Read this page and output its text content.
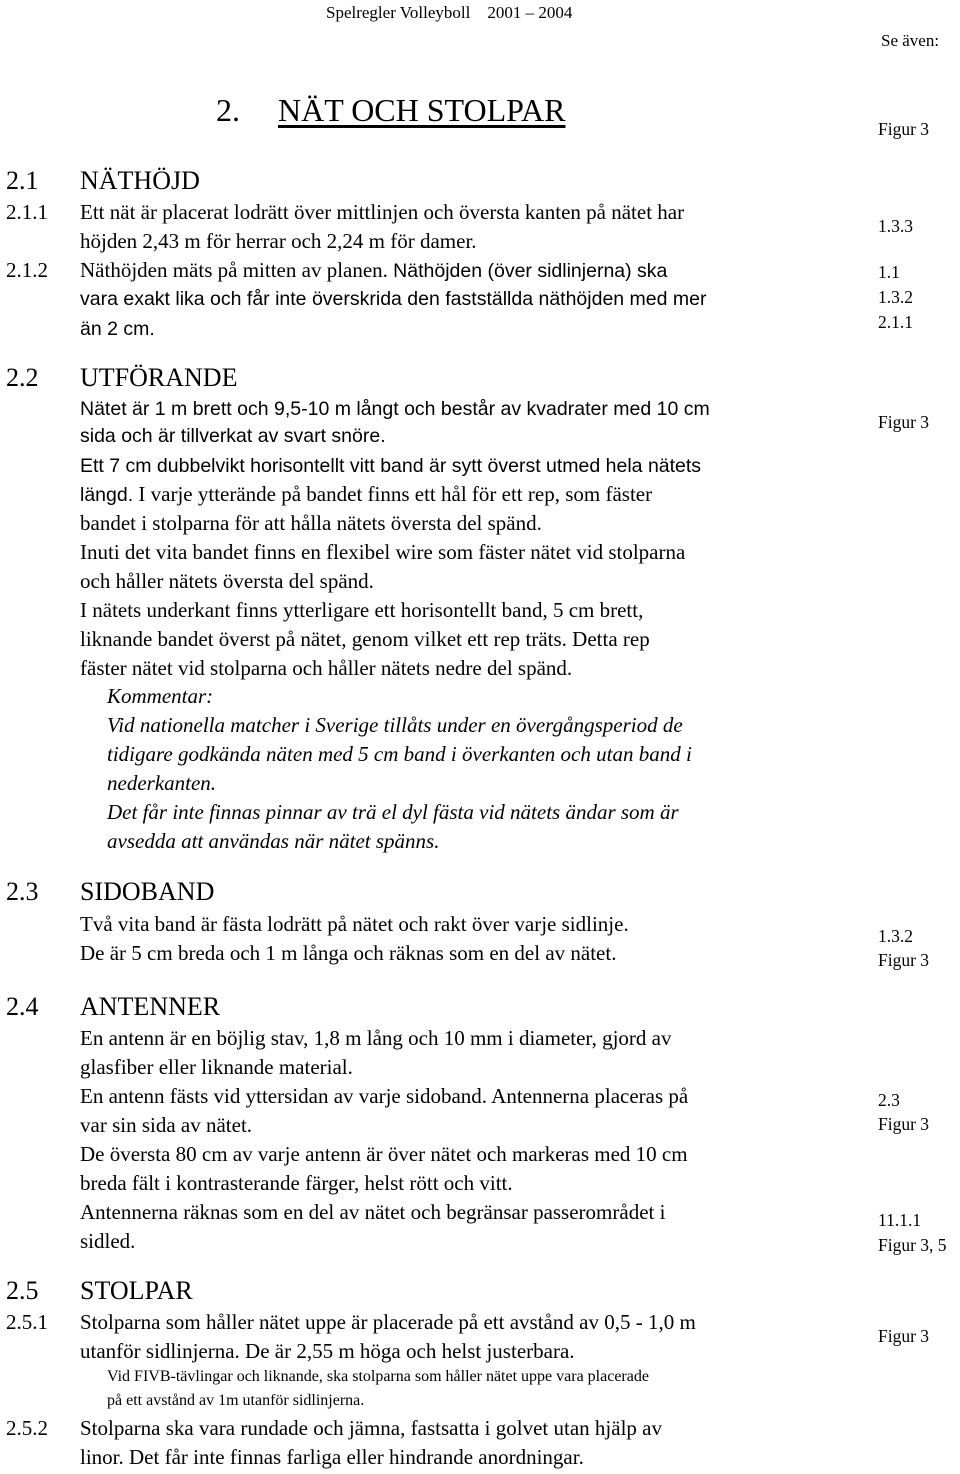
Spelregler Volleyboll 2001 – 2004
Se även:
2. NÄT OCH STOLPAR
2.1 NÄTHÖJD
2.1.1 Ett nät är placerat lodrätt över mittlinjen och översta kanten på nätet har
höjden 2,43 m för herrar och 2,24 m för damer.
2.1.2 Näthöjden mäts på mitten av planen. Näthöjden (över sidlinjerna) ska
vara exakt lika och får inte överskrida den fastställda näthöjden med mer
än 2 cm.
2.2 UTFÖRANDE
Nätet är 1 m brett och 9,5-10 m långt och består av kvadrater med 10 cm
sida och är tillverkat av svart snöre.
Ett 7 cm dubbelvikt horisontellt vitt band är sytt överst utmed hela nätets
längd. I varje ytterände på bandet finns ett hål för ett rep, som fäster
bandet i stolparna för att hålla nätets översta del spänd.
Inuti det vita bandet finns en flexibel wire som fäster nätet vid stolparna
och håller nätets översta del spänd.
I nätets underkant finns ytterligare ett horisontellt band, 5 cm brett,
liknande bandet överst på nätet, genom vilket ett rep träts. Detta rep
fäster nätet vid stolparna och håller nätets nedre del spänd.
Kommentar:
Vid nationella matcher i Sverige tillåts under en övergångsperiod de
tidigare godkända näten med 5 cm band i överkanten och utan band i
nederkanten.
Det får inte finnas pinnar av trä el dyl fästa vid nätets ändar som är
avsedda att användas när nätet spänns.
2.3 SIDOBAND
Två vita band är fästa lodrätt på nätet och rakt över varje sidlinje.
De är 5 cm breda och 1 m långa och räknas som en del av nätet.
2.4 ANTENNER
En antenn är en böjlig stav, 1,8 m lång och 10 mm i diameter, gjord av
glasfiber eller liknande material.
En antenn fästs vid yttersidan av varje sidoband. Antennerna placeras på
var sin sida av nätet.
De översta 80 cm av varje antenn är över nätet och markeras med 10 cm
breda fält i kontrasterande färger, helst rött och vitt.
Antennerna räknas som en del av nätet och begränsar passerområdet i
sidled.
2.5 STOLPAR
2.5.1 Stolparna som håller nätet uppe är placerade på ett avstånd av 0,5 - 1,0 m
utanför sidlinjerna. De är 2,55 m höga och helst justerbara.
Vid FIVB-tävlingar och liknande, ska stolparna som håller nätet uppe vara placerade
på ett avstånd av 1m utanför sidlinjerna.
2.5.2 Stolparna ska vara rundade och jämna, fastsatta i golvet utan hjälp av
linor. Det får inte finnas farliga eller hindrande anordningar.
Figur 3
1.3.3
1.1
1.3.2
2.1.1
Figur 3
1.3.2
Figur 3
2.3
Figur 3
11.1.1
Figur 3, 5
Figur 3
